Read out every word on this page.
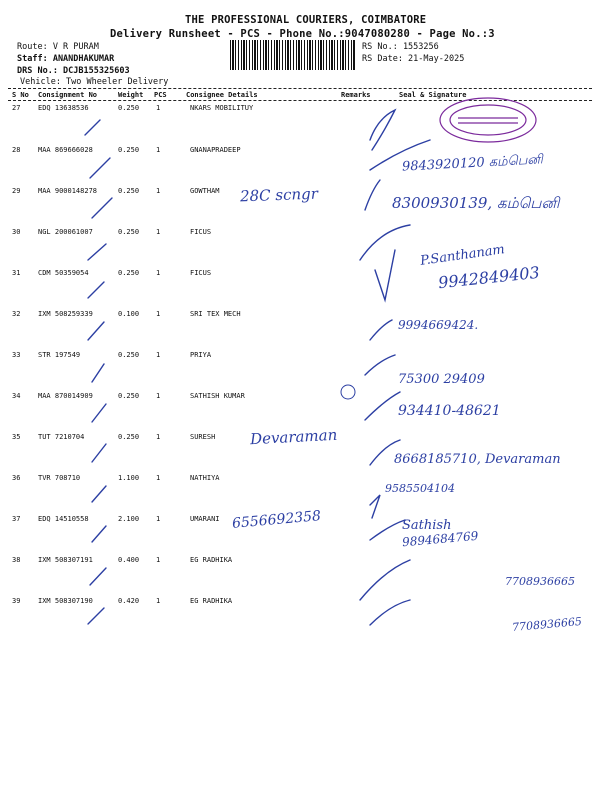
THE PROFESSIONAL COURIERS, COIMBATORE
Delivery Runsheet - PCS - Phone No.:9047080280 - Page No.:3
Route: V R PURAM
Staff: ANANDHAKUMAR
DRS No.: DCJB155325603
Vehicle: Two Wheeler Delivery
RS No.: 1553256
RS Date: 21-May-2025
S No Consignment No	Weight PCS	Consignee Details	Remarks	Seal & Signature
27	EDQ 13638536	0.250 1	NKARS MOBILITUY
28	MAA 869666028	0.250 1	GNANAPRADEEP
29	MAA 9000148278	0.250 1	GOWTHAM
30	NGL 200061007	0.250 1	FICUS
31	CDM 50359054	0.250 1	FICUS
32	IXM 508259339	0.100 1	SRI TEX MECH
33	STR 197549	0.250 1	PRIYA
34	MAA 870014909	0.250 1	SATHISH KUMAR
35	TUT 7210704	0.250 1	SURESH
36	TVR 708710	1.100 1	NATHIYA
37	EDQ 14510558	2.100 1	UMARANI
38	IXM 508307191	0.400 1	EG RADHIKA
39	IXM 508307190	0.420 1	EG RADHIKA
9843920120 கம்பெனி
28C scngr	8300930139, கம்பெனி
P.Santhanam
9942849403
9994669424.
75300 29409
934410-48621
Devaraman
8668185710, Devaraman
9585504104
6556692358	Sathish
9894684769
7708936665
7708936665
